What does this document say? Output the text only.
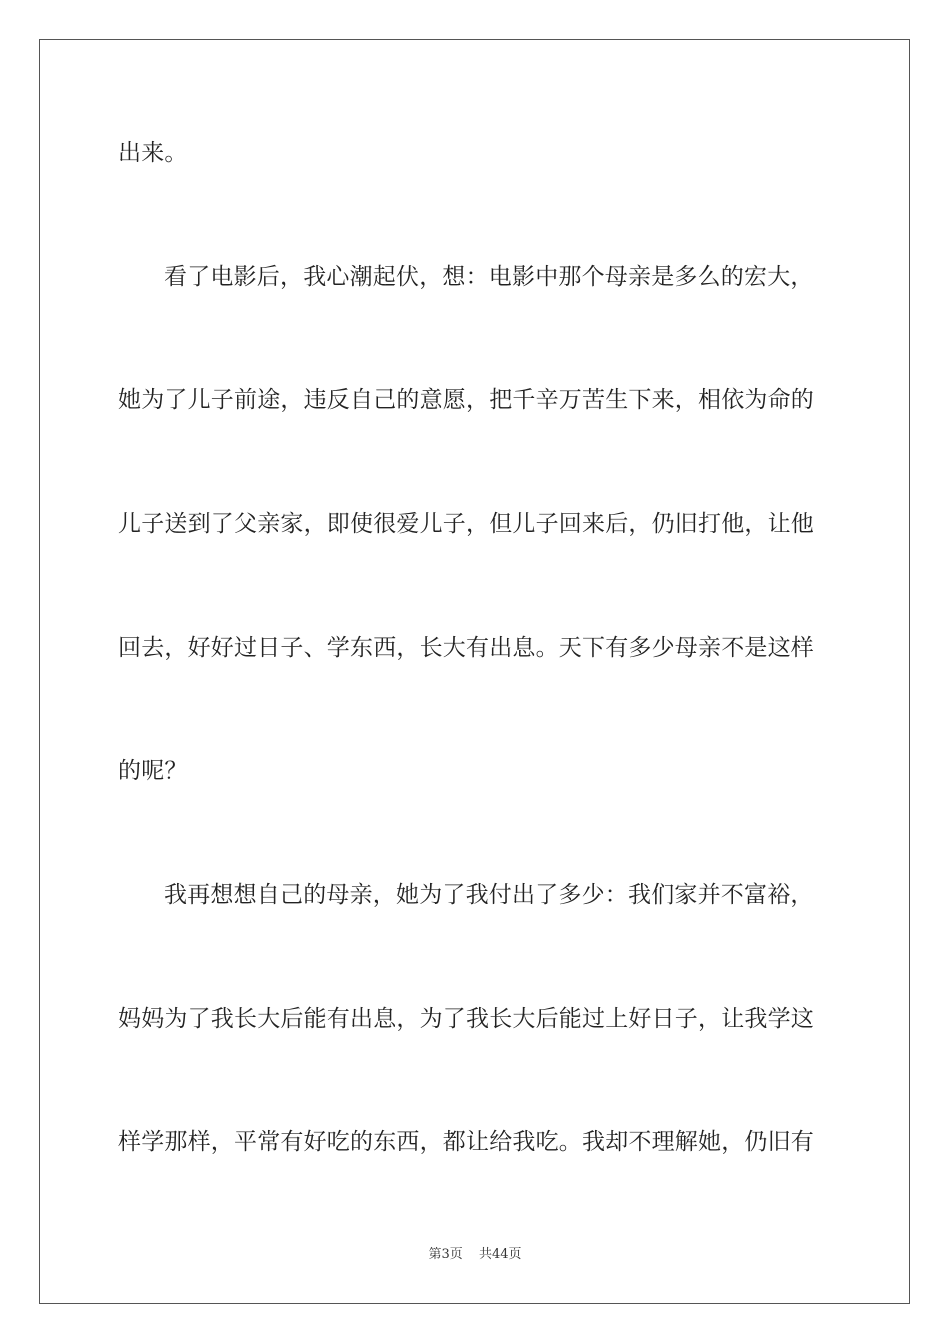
出来。
看了电影后，我心潮起伏，想：电影中那个母亲是多么的宏大，
她为了儿子前途，违反自己的意愿，把千辛万苦生下来，相依为命的
儿子送到了父亲家，即使很爱儿子，但儿子回来后，仍旧打他，让他
回去，好好过日子、学东西，长大有出息。天下有多少母亲不是这样
的呢？
我再想想自己的母亲，她为了我付出了多少：我们家并不富裕，
妈妈为了我长大后能有出息，为了我长大后能过上好日子，让我学这
样学那样，平常有好吃的东西，都让给我吃。我却不理解她，仍旧有
第3页 共44页
